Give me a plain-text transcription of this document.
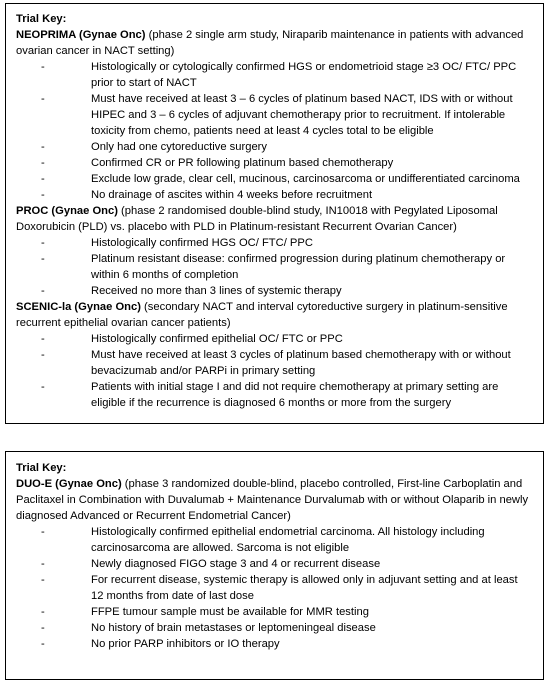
Trial Key:

NEOPRIMA (Gynae Onc) (phase 2 single arm study, Niraparib maintenance in patients with advanced ovarian cancer in NACT setting)

- Histologically or cytologically confirmed HGS or endometrioid stage ≥3 OC/ FTC/ PPC prior to start of NACT
- Must have received at least 3 – 6 cycles of platinum based NACT, IDS with or without HIPEC and 3 – 6 cycles of adjuvant chemotherapy prior to recruitment. If intolerable toxicity from chemo, patients need at least 4 cycles total to be eligible
- Only had one cytoreductive surgery
- Confirmed CR or PR following platinum based chemotherapy
- Exclude low grade, clear cell, mucinous, carcinosarcoma or undifferentiated carcinoma
- No drainage of ascites within 4 weeks before recruitment

PROC (Gynae Onc) (phase 2 randomised double-blind study, IN10018 with Pegylated Liposomal Doxorubicin (PLD) vs. placebo with PLD in Platinum-resistant Recurrent Ovarian Cancer)

- Histologically confirmed HGS OC/ FTC/ PPC
- Platinum resistant disease: confirmed progression during platinum chemotherapy or within 6 months of completion
- Received no more than 3 lines of systemic therapy

SCENIC-la (Gynae Onc) (secondary NACT and interval cytoreductive surgery in platinum-sensitive recurrent epithelial ovarian cancer patients)

- Histologically confirmed epithelial OC/ FTC or PPC
- Must have received at least 3 cycles of platinum based chemotherapy with or without bevacizumab and/or PARPi in primary setting
- Patients with initial stage I and did not require chemotherapy at primary setting are eligible if the recurrence is diagnosed 6 months or more from the surgery

Trial Key:

DUO-E (Gynae Onc) (phase 3 randomized double-blind, placebo controlled, First-line Carboplatin and Paclitaxel in Combination with Duvalumab + Maintenance Durvalumab with or without Olaparib in newly diagnosed Advanced or Recurrent Endometrial Cancer)

- Histologically confirmed epithelial endometrial carcinoma. All histology including carcinosarcoma are allowed. Sarcoma is not eligible
- Newly diagnosed FIGO stage 3 and 4 or recurrent disease
- For recurrent disease, systemic therapy is allowed only in adjuvant setting and at least 12 months from date of last dose
- FFPE tumour sample must be available for MMR testing
- No history of brain metastases or leptomeningeal disease
- No prior PARP inhibitors or IO therapy
